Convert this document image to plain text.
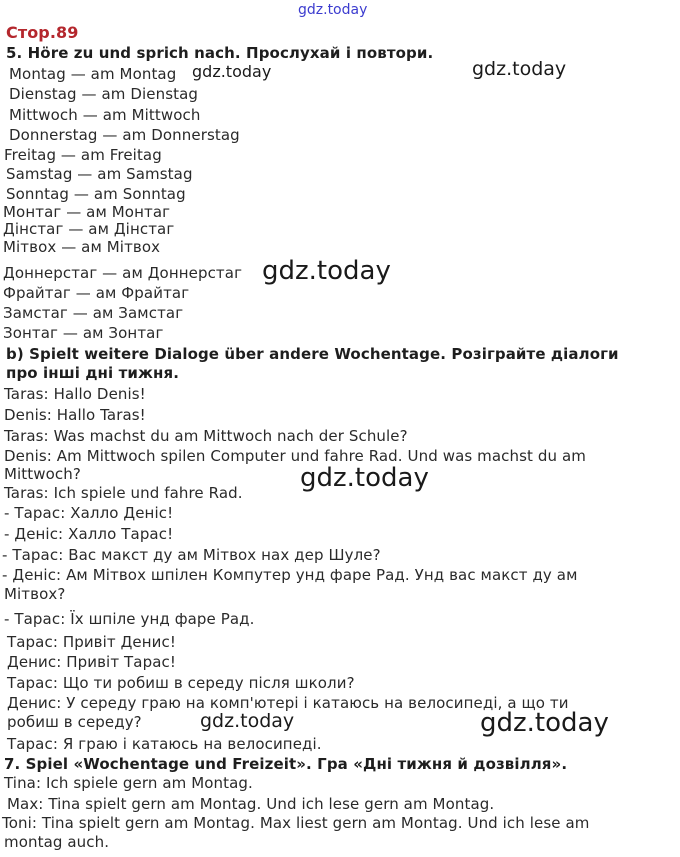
gdz.today
gdz.today
gdz.today
gdz.today
gdz.today
gdz.today	gdz.today
Стор.89
5. Höre zu und sprich nach. Прослухай і повтори.
Montag — am Montag
Dienstag — am Dienstag
Mittwoch — am Mittwoch
Donnerstag — am Donnerstag
Freitag — am Freitag
Samstag — am Samstag
Sonntag — am Sonntag
Монтаг — ам Монтаг
Дінстаг — ам Дінстаг
Мітвох — ам Мітвох
Доннерстаг — ам Доннерстаг
Фрайтаг — ам Фрайтаг
Замстаг — ам Замстаг
Зонтаг — ам Зонтаг
b) Spielt weitere Dialoge über andere Wochentage. Розіграйте діалоги
про інші дні тижня.
Taras: Hallo Denis!
Denis: Hallo Taras!
Taras: Was machst du am Mittwoch nach der Schule?
Denis: Am Mittwoch spilen Computer und fahre Rad. Und was machst du am
Mittwoch?
Taras: Ich spiele und fahre Rad.
- Тарас: Халло Деніс!
- Деніс: Халло Тарас!
- Тарас: Вас макст ду ам Мітвох нах дер Шуле?
- Деніс: Ам Мітвох шпілен Компутер унд фаре Рад. Унд вас макст ду ам
Мітвох?
- Тарас: Їх шпіле унд фаре Рад.
Тарас: Привіт Денис!
Денис: Привіт Тарас!
Тарас: Що ти робиш в середу після школи?
Денис: У середу граю на комп'ютері і катаюсь на велосипеді, а що ти
робиш в середу?
Тарас: Я граю і катаюсь на велосипеді.
7. Spiel «Wochentage und Freizeit». Гра «Дні тижня й дозвілля».
Tina: Ich spiele gern am Montag.
Max: Tina spielt gern am Montag. Und ich lese gern am Montag.
Toni: Tina spielt gern am Montag. Max liest gern am Montag. Und ich lese am
montag auch.
